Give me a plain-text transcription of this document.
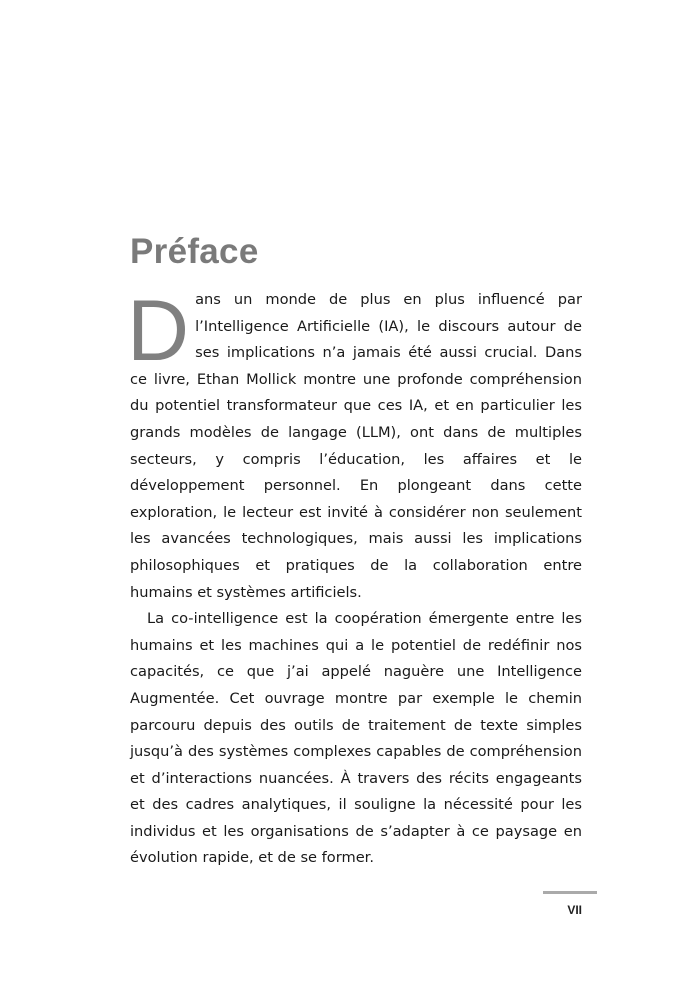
Préface

Dans un monde de plus en plus influencé par l’Intelligence Artificielle (IA), le discours autour de ses implications n’a jamais été aussi crucial. Dans ce livre, Ethan Mollick montre une profonde compréhension du potentiel transformateur que ces IA, et en particulier les grands modèles de langage (LLM), ont dans de multiples secteurs, y compris l’éducation, les affaires et le développement personnel. En plongeant dans cette exploration, le lecteur est invité à considérer non seulement les avancées technologiques, mais aussi les implications philosophiques et pratiques de la collaboration entre humains et systèmes artificiels.

La co-intelligence est la coopération émergente entre les humains et les machines qui a le potentiel de redéfinir nos capacités, ce que j’ai appelé naguère une Intelligence Augmentée. Cet ouvrage montre par exemple le chemin parcouru depuis des outils de traitement de texte simples jusqu’à des systèmes complexes capables de compréhension et d’interactions nuancées. À travers des récits engageants et des cadres analytiques, il souligne la nécessité pour les individus et les organisations de s’adapter à ce paysage en évolution rapide, et de se former.

VII
